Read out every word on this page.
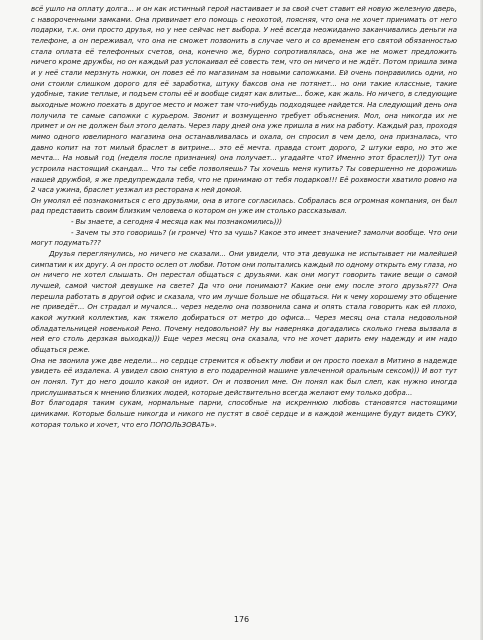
всё ушло на оплату долга... и он как истинный герой настаивает и за свой счет ставит ей новую железную дверь, с навороченными замками. Она привинает его помощь с неохотой, поясняя, что она не хочет принимать от него подарки, т.к. они просто друзья, но у нее сейчас нет выбора. У неё всегда неожиданно заканчивались деньги на телефоне, а он переживал, что она не сможет позвонить в случае чего и со временем его святой обязанностью стала оплата её телефонных счетов, она, конечно же, бурно сопротивлялась, она же не может предложить ничего кроме дружбы, но он каждый раз успокаивал её совесть тем, что он ничего и не ждёт. Потом пришла зима и у неё стали мерзнуть ножки, он повез её по магазинам за новыми сапожками. Ей очень понравились одни, но они стоили слишком дорого для её заработка, штуку баксов она не потянет... но они такие классные, такие удобные, такие теплые, и подъем стопы её и вообще сидят как влитые... боже, как жаль. Но ничего, в следующие выходные можно поехать в другое место и может там что-нибудь подходящее найдется. На следующий день она получила те самые сапожки с курьером. Звонит и возмущенно требует объяснения. Мол, она никогда их не примет и он не должен был этого делать. Через пару дней она уже пришла в них на работу. Каждый раз, проходя мимо одного ювелирного магазина она останавливалась и охала, он спросил в чем дело, она призналась, что давно копит на тот милый браслет в витрине... это её мечта. правда стоит дорого, 2 штуки евро, но это же мечта... На новый год (неделя после признания) она получает... угадайте что? Именно этот браслет))) Тут она устроила настоящий скандал... Что ты себе позволяешь? Ты хочешь меня купить? Ты совершенно не дорожишь нашей дружбой, я же предупреждала тебя, что не принимаю от тебя подарков!!! Её рохвмости хватило ровно на 2 часа ужина, браслет уезжал из ресторана к ней домой.

Он умолял её познакомиться с его друзьями, она в итоге согласилась. Собралась вся огромная компания, он был рад представить своим близким человека о котором он уже им столько рассказывал.

- Вы знаете, а сегодня 4 месяца как мы познакомились)))

- Зачем ты это говоришь? (и громче) Что за чушь? Какое это имеет значение? замолчи вообще. Что они могут подумать???

Друзья переглянулись, но ничего не сказали... Они увидели, что эта девушка не испытывает ни малейшей симпатии к их другу. А он просто ослеп от любви. Потом они попытались каждый по одному открыть ему глаза, но он ничего не хотел слышать. Он перестал общаться с друзьями. как они могут говорить такие вещи о самой лучшей, самой чистой девушке на свете? Да что они понимают? Какие они ему после этого друзья??? Она перешла работать в другой офис и сказала, что им лучше больше не общаться. Ни к чему хорошему это общение не приведёт... Он страдал и мучался... через неделю она позвонила сама и опять стала говорить как ей плохо, какой жуткий коллектив, как тяжело добираться от метро до офиса... Через месяц она стала недовольной обладательницей новенькой Рено. Почему недовольной? Ну вы наверняка догадались сколько гнева вызвала в ней его столь дерзкая выходка))) Еще через месяц она сказала, что не хочет дарить ему надежду и им надо общаться реже.

Она не звонила уже две недели... но сердце стремится к объекту любви и он просто поехал в Митино в надежде увидеть её издалека. А увидел свою снятую в его подаренной машине увлеченной оральным сексом))) И вот тут он понял. Тут до него дошло какой он идиот. Он и позвонил мне. Он понял как был слеп, как нужно иногда прислушиваться к мнению близких людей, которые действительно всегда желают ему только добра...

Вот благодаря таким сукам, нормальные парни, способные на искреннюю любовь становятся настоящими циниками. Которые больше никогда и никого не пустят в своё сердце и в каждой женщине будут видеть СУКУ, которая только и хочет, что его ПОПОЛЬЗОВАТЬ».

176
